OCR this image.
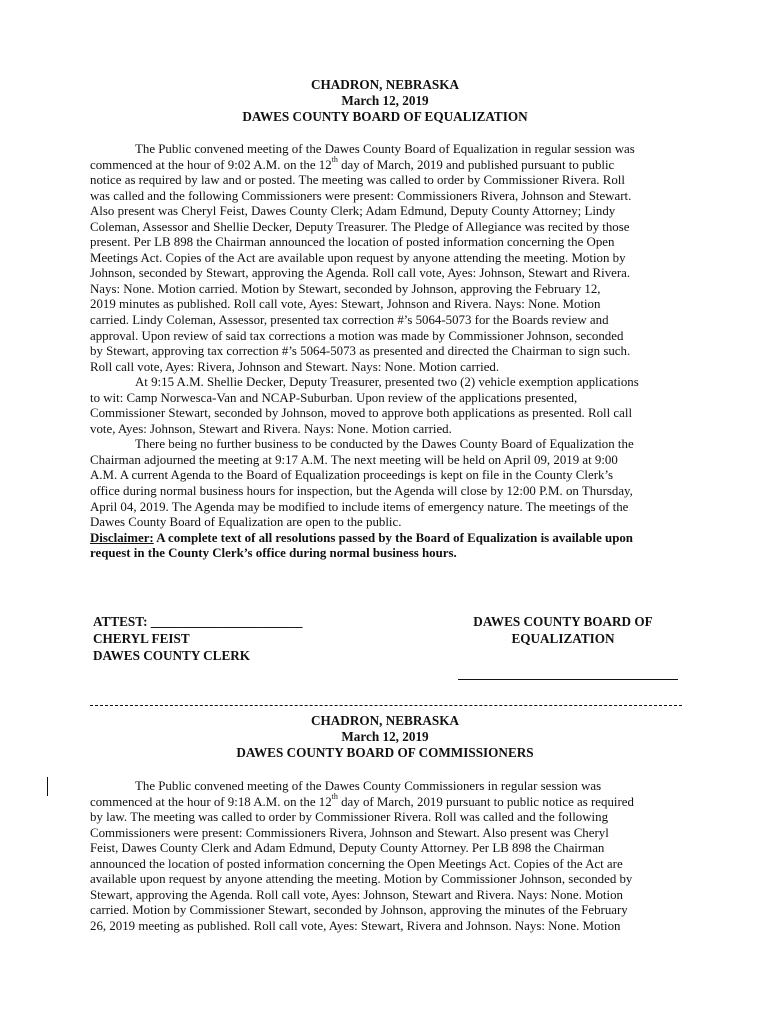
CHADRON, NEBRASKA
March 12, 2019
DAWES COUNTY BOARD OF EQUALIZATION
The Public convened meeting of the Dawes County Board of Equalization in regular session was
commenced at the hour of 9:02 A.M. on the 12th day of March, 2019 and published pursuant to public
notice as required by law and or posted. The meeting was called to order by Commissioner Rivera. Roll
was called and the following Commissioners were present: Commissioners Rivera, Johnson and Stewart.
Also present was Cheryl Feist, Dawes County Clerk; Adam Edmund, Deputy County Attorney; Lindy
Coleman, Assessor and Shellie Decker, Deputy Treasurer. The Pledge of Allegiance was recited by those
present. Per LB 898 the Chairman announced the location of posted information concerning the Open
Meetings Act. Copies of the Act are available upon request by anyone attending the meeting. Motion by
Johnson, seconded by Stewart, approving the Agenda. Roll call vote, Ayes: Johnson, Stewart and Rivera.
Nays: None. Motion carried. Motion by Stewart, seconded by Johnson, approving the February 12,
2019 minutes as published. Roll call vote, Ayes: Stewart, Johnson and Rivera. Nays: None. Motion
carried. Lindy Coleman, Assessor, presented tax correction #’s 5064-5073 for the Boards review and
approval. Upon review of said tax corrections a motion was made by Commissioner Johnson, seconded
by Stewart, approving tax correction #’s 5064-5073 as presented and directed the Chairman to sign such.
Roll call vote, Ayes: Rivera, Johnson and Stewart. Nays: None. Motion carried.
At 9:15 A.M. Shellie Decker, Deputy Treasurer, presented two (2) vehicle exemption applications
to wit: Camp Norwesca-Van and NCAP-Suburban. Upon review of the applications presented,
Commissioner Stewart, seconded by Johnson, moved to approve both applications as presented. Roll call
vote, Ayes: Johnson, Stewart and Rivera. Nays: None. Motion carried.
There being no further business to be conducted by the Dawes County Board of Equalization the
Chairman adjourned the meeting at 9:17 A.M. The next meeting will be held on April 09, 2019 at 9:00
A.M. A current Agenda to the Board of Equalization proceedings is kept on file in the County Clerk’s
office during normal business hours for inspection, but the Agenda will close by 12:00 P.M. on Thursday,
April 04, 2019. The Agenda may be modified to include items of emergency nature. The meetings of the
Dawes County Board of Equalization are open to the public.
Disclaimer: A complete text of all resolutions passed by the Board of Equalization is available upon
request in the County Clerk’s office during normal business hours.
ATTEST: _______________________
CHERYL FEIST
DAWES COUNTY CLERK
DAWES COUNTY BOARD OF
EQUALIZATION
CHADRON, NEBRASKA
March 12, 2019
DAWES COUNTY BOARD OF COMMISSIONERS
The Public convened meeting of the Dawes County Commissioners in regular session was
commenced at the hour of 9:18 A.M. on the 12th day of March, 2019 pursuant to public notice as required
by law. The meeting was called to order by Commissioner Rivera. Roll was called and the following
Commissioners were present: Commissioners Rivera, Johnson and Stewart. Also present was Cheryl
Feist, Dawes County Clerk and Adam Edmund, Deputy County Attorney. Per LB 898 the Chairman
announced the location of posted information concerning the Open Meetings Act. Copies of the Act are
available upon request by anyone attending the meeting. Motion by Commissioner Johnson, seconded by
Stewart, approving the Agenda. Roll call vote, Ayes: Johnson, Stewart and Rivera. Nays: None. Motion
carried. Motion by Commissioner Stewart, seconded by Johnson, approving the minutes of the February
26, 2019 meeting as published. Roll call vote, Ayes: Stewart, Rivera and Johnson. Nays: None. Motion
